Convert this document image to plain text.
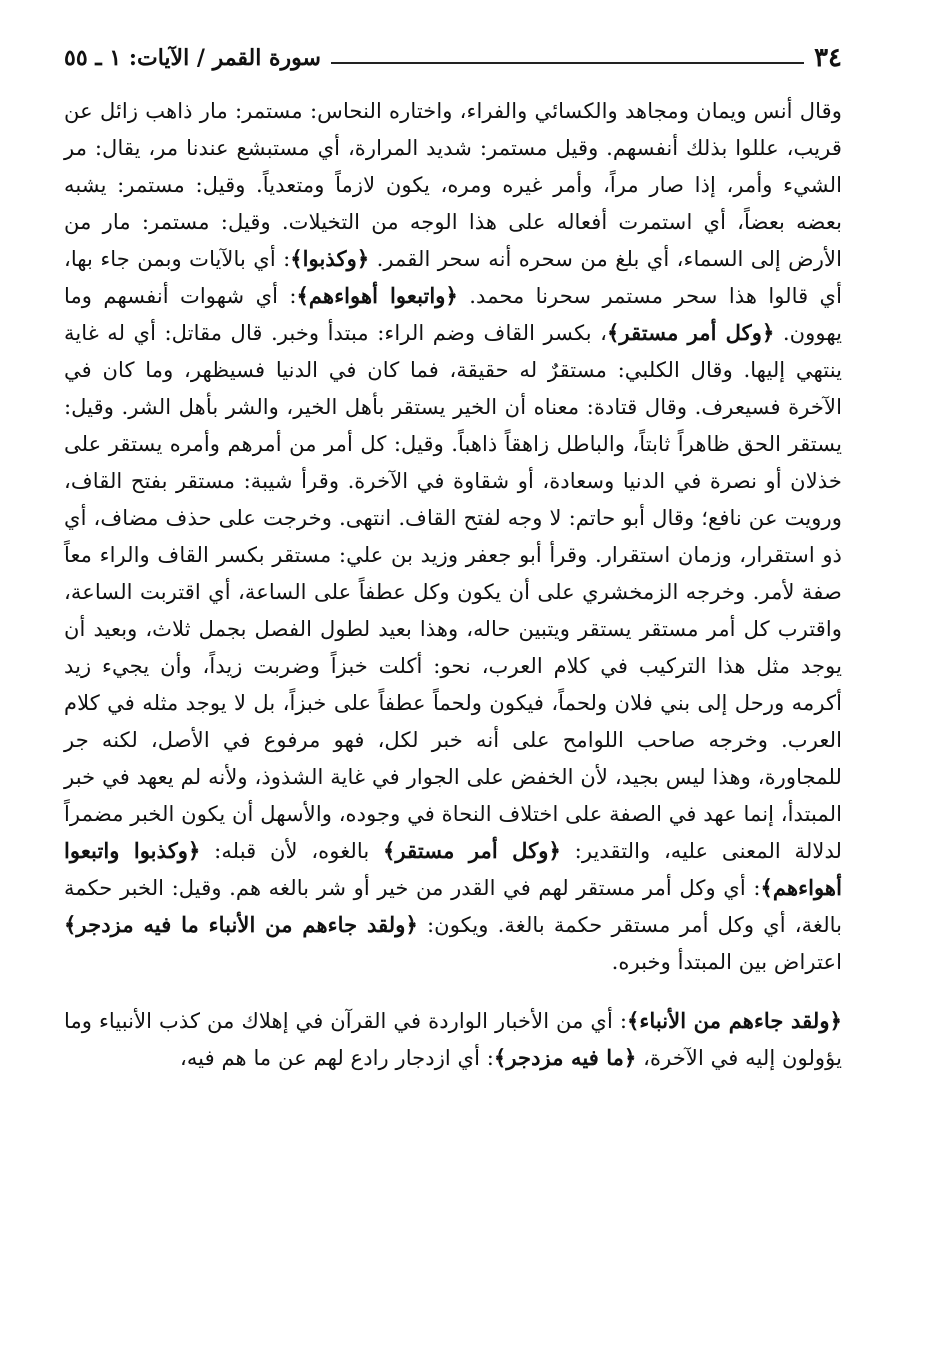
٣٤
سورة القمر / الآيات: ١ ـ ٥٥

وقال أنس ويمان ومجاهد والكسائي والفراء، واختاره النحاس: مستمر: مار ذاهب زائل عن قريب، عللوا بذلك أنفسهم. وقيل مستمر: شديد المرارة، أي مستبشع عندنا مر، يقال: مر الشيء وأمر، إذا صار مراً، وأمر غيره ومره، يكون لازماً ومتعدياً. وقيل: مستمر: يشبه بعضه بعضاً، أي استمرت أفعاله على هذا الوجه من التخيلات. وقيل: مستمر: مار من الأرض إلى السماء، أي بلغ من سحره أنه سحر القمر. ﴿وكذبوا﴾: أي بالآيات وبمن جاء بها، أي قالوا هذا سحر مستمر سحرنا محمد. ﴿واتبعوا أهواءهم﴾: أي شهوات أنفسهم وما يهوون. ﴿وكل أمر مستقر﴾، بكسر القاف وضم الراء: مبتدأ وخبر. قال مقاتل: أي له غاية ينتهي إليها. وقال الكلبي: مستقرٌ له حقيقة، فما كان في الدنيا فسيظهر، وما كان في الآخرة فسيعرف. وقال قتادة: معناه أن الخير يستقر بأهل الخير، والشر بأهل الشر. وقيل: يستقر الحق ظاهراً ثابتاً، والباطل زاهقاً ذاهباً. وقيل: كل أمر من أمرهم وأمره يستقر على خذلان أو نصرة في الدنيا وسعادة، أو شقاوة في الآخرة. وقرأ شيبة: مستقر بفتح القاف، ورويت عن نافع؛ وقال أبو حاتم: لا وجه لفتح القاف. انتهى. وخرجت على حذف مضاف، أي ذو استقرار، وزمان استقرار. وقرأ أبو جعفر وزيد بن علي: مستقر بكسر القاف والراء معاً صفة لأمر. وخرجه الزمخشري على أن يكون وكل عطفاً على الساعة، أي اقتربت الساعة، واقترب كل أمر مستقر يستقر ويتبين حاله، وهذا بعيد لطول الفصل بجمل ثلاث، وبعيد أن يوجد مثل هذا التركيب في كلام العرب، نحو: أكلت خبزاً وضربت زيداً، وأن يجيء زيد أكرمه ورحل إلى بني فلان ولحماً، فيكون ولحماً عطفاً على خبزاً، بل لا يوجد مثله في كلام العرب. وخرجه صاحب اللوامح على أنه خبر لكل، فهو مرفوع في الأصل، لكنه جر للمجاورة، وهذا ليس بجيد، لأن الخفض على الجوار في غاية الشذوذ، ولأنه لم يعهد في خبر المبتدأ، إنما عهد في الصفة على اختلاف النحاة في وجوده، والأسهل أن يكون الخبر مضمراً لدلالة المعنى عليه، والتقدير: ﴿وكل أمر مستقر﴾ بالغوه، لأن قبله: ﴿وكذبوا واتبعوا أهواءهم﴾: أي وكل أمر مستقر لهم في القدر من خير أو شر بالغه هم. وقيل: الخبر حكمة بالغة، أي وكل أمر مستقر حكمة بالغة. ويكون: ﴿ولقد جاءهم من الأنباء ما فيه مزدجر﴾ اعتراض بين المبتدأ وخبره.

﴿ولقد جاءهم من الأنباء﴾: أي من الأخبار الواردة في القرآن في إهلاك من كذب الأنبياء وما يؤولون إليه في الآخرة، ﴿ما فيه مزدجر﴾: أي ازدجار رادع لهم عن ما هم فيه،
